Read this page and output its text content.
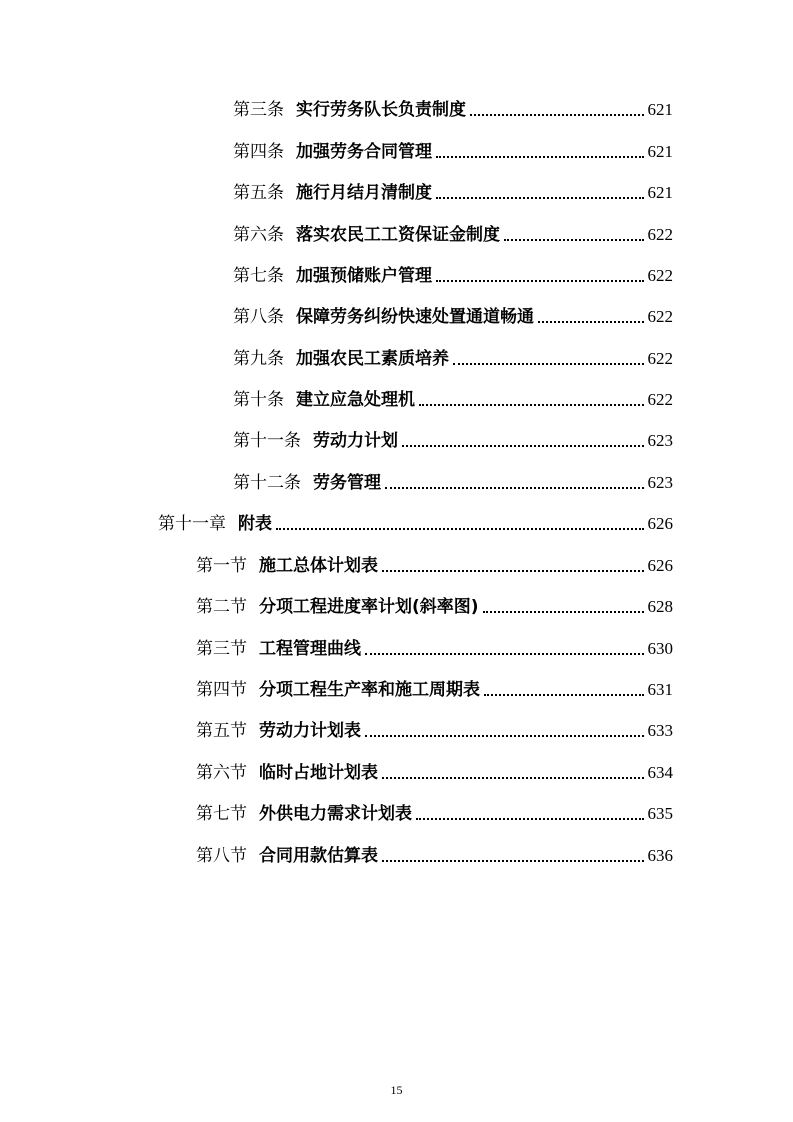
第三条 实行劳务队长负责制度	621
第四条 加强劳务合同管理	621
第五条 施行月结月清制度	621
第六条 落实农民工工资保证金制度	622
第七条 加强预储账户管理	622
第八条 保障劳务纠纷快速处置通道畅通	622
第九条 加强农民工素质培养	622
第十条 建立应急处理机	622
第十一条 劳动力计划	623
第十二条 劳务管理	623
第十一章 附表	626
第一节 施工总体计划表	626
第二节 分项工程进度率计划(斜率图)	628
第三节 工程管理曲线	630
第四节 分项工程生产率和施工周期表	631
第五节 劳动力计划表	633
第六节 临时占地计划表	634
第七节 外供电力需求计划表	635
第八节 合同用款估算表	636
15
